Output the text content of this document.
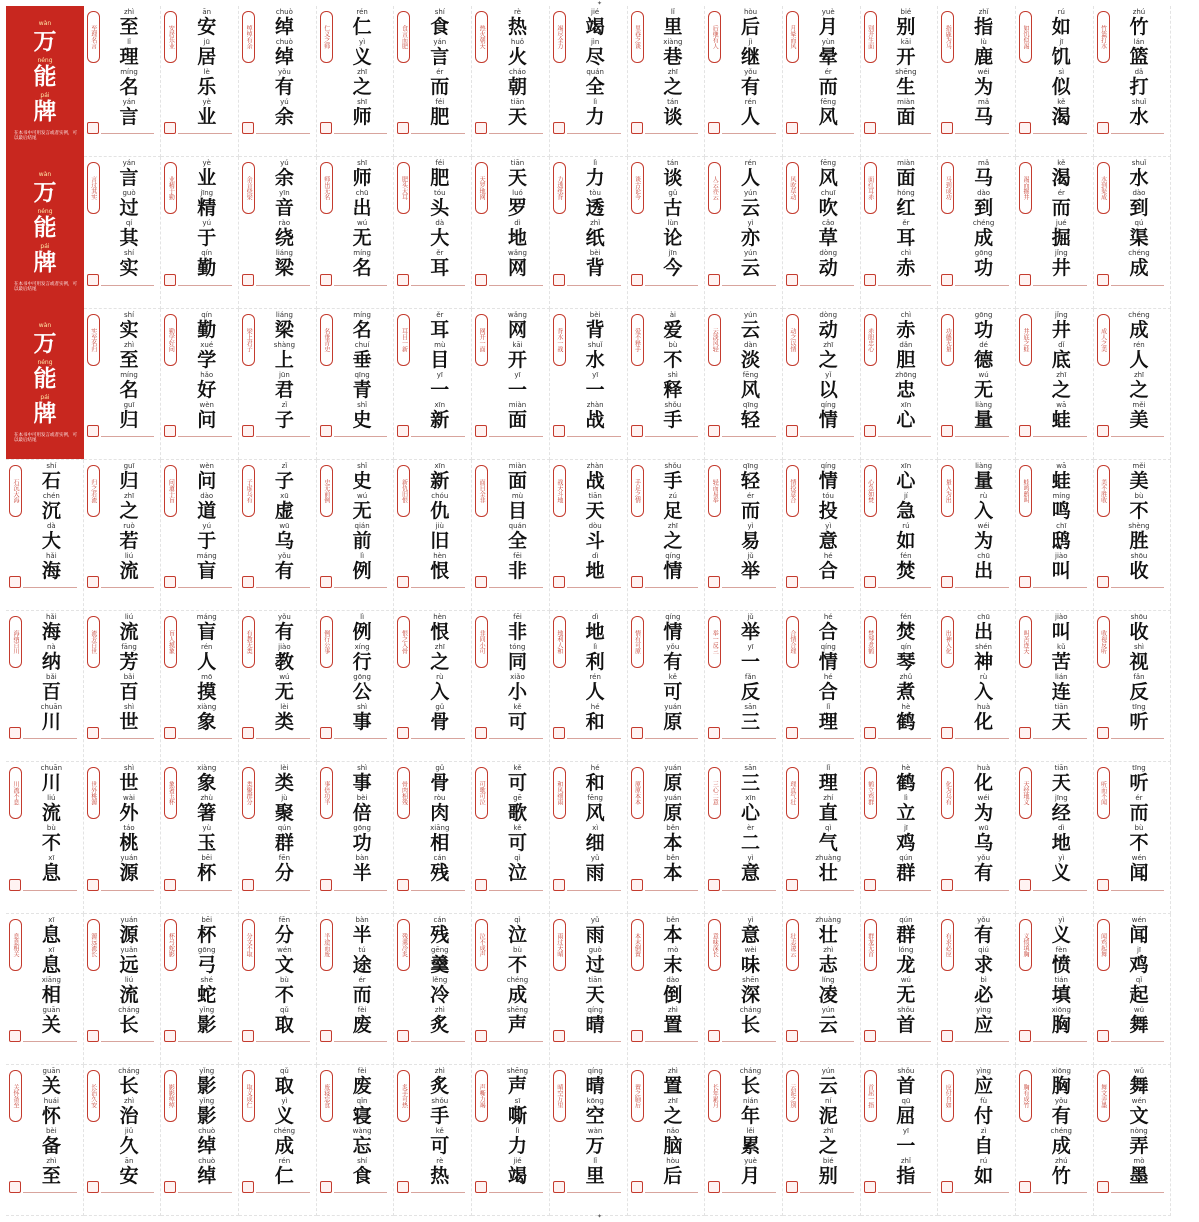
至理名言
zhì
至
lǐ
理
míng
名
yán
言
安居乐业
ān
安
jū
居
lè
乐
yè
业
绰绰有余
chuò
绰
chuò
绰
yǒu
有
yú
余
仁义之师
rén
仁
yì
义
zhī
之
shī
师
食言而肥
shí
食
yán
言
ér
而
féi
肥
热火朝天
rè
热
huǒ
火
cháo
朝
tiān
天
竭尽全力
jié
竭
jìn
尽
quán
全
lì
力
里巷之谈
lǐ
里
xiàng
巷
zhī
之
tán
谈
后继有人
hòu
后
jì
继
yǒu
有
rén
人
月晕而风
yuè
月
yùn
晕
ér
而
fēng
风
别开生面
bié
别
kāi
开
shēng
生
miàn
面
指鹿为马
zhǐ
指
lù
鹿
wéi
为
mǎ
马
如饥似渴
rú
如
jī
饥
sì
似
kě
渴
竹篮打水
zhú
竹
lán
篮
dǎ
打
shuǐ
水
言过其实
yán
言
guò
过
qí
其
shí
实
业精于勤
yè
业
jīng
精
yú
于
qín
勤
余音绕梁
yú
余
yīn
音
rào
绕
liáng
梁
师出无名
shī
师
chū
出
wú
无
míng
名
肥头大耳
féi
肥
tóu
头
dà
大
ěr
耳
天罗地网
tiān
天
luó
罗
dì
地
wǎng
网
力透纸背
lì
力
tòu
透
zhǐ
纸
bèi
背
谈古论今
tán
谈
gǔ
古
lùn
论
jīn
今
人云亦云
rén
人
yún
云
yì
亦
yún
云
风吹草动
fēng
风
chuī
吹
cǎo
草
dòng
动
面红耳赤
miàn
面
hóng
红
ěr
耳
chì
赤
马到成功
mǎ
马
dào
到
chéng
成
gōng
功
渴而掘井
kě
渴
ér
而
jué
掘
jǐng
井
水到渠成
shuǐ
水
dào
到
qú
渠
chéng
成
实至名归
shí
实
zhì
至
míng
名
guī
归
勤学好问
qín
勤
xué
学
hǎo
好
wèn
问
梁上君子
liáng
梁
shàng
上
jūn
君
zǐ
子
名垂青史
míng
名
chuí
垂
qīng
青
shǐ
史
耳目一新
ěr
耳
mù
目
yī
一
xīn
新
网开一面
wǎng
网
kāi
开
yī
一
miàn
面
背水一战
bèi
背
shuǐ
水
yī
一
zhàn
战
爱不释手
ài
爱
bù
不
shì
释
shǒu
手
云淡风轻
yún
云
dàn
淡
fēng
风
qīng
轻
动之以情
dòng
动
zhī
之
yǐ
以
qíng
情
赤胆忠心
chì
赤
dǎn
胆
zhōng
忠
xīn
心
功德无量
gōng
功
dé
德
wú
无
liàng
量
井底之蛙
jǐng
井
dǐ
底
zhī
之
wā
蛙
成人之美
chéng
成
rén
人
zhī
之
měi
美
石沉大海
shí
石
chén
沉
dà
大
hǎi
海
归之若流
guī
归
zhī
之
ruò
若
liú
流
问道于盲
wèn
问
dào
道
yú
于
máng
盲
子虚乌有
zǐ
子
xū
虚
wū
乌
yǒu
有
史无前例
shǐ
史
wú
无
qián
前
lì
例
新仇旧恨
xīn
新
chóu
仇
jiù
旧
hèn
恨
面目全非
miàn
面
mù
目
quán
全
fēi
非
战天斗地
zhàn
战
tiān
天
dòu
斗
dì
地
手足之情
shǒu
手
zú
足
zhī
之
qíng
情
轻而易举
qīng
轻
ér
而
yì
易
jǔ
举
情投意合
qíng
情
tóu
投
yì
意
hé
合
心急如焚
xīn
心
jí
急
rú
如
fén
焚
量入为出
liàng
量
rù
入
wéi
为
chū
出
蛙鸣鸱叫
wā
蛙
míng
鸣
chī
鸱
jiào
叫
美不胜收
měi
美
bù
不
shèng
胜
shōu
收
海纳百川
hǎi
海
nà
纳
bǎi
百
chuān
川
流芳百世
liú
流
fāng
芳
bǎi
百
shì
世
盲人摸象
máng
盲
rén
人
mō
摸
xiàng
象
有教无类
yǒu
有
jiào
教
wú
无
lèi
类
例行公事
lì
例
xíng
行
gōng
公
shì
事
恨之入骨
hèn
恨
zhī
之
rù
入
gǔ
骨
非同小可
fēi
非
tóng
同
xiǎo
小
kě
可
地利人和
dì
地
lì
利
rén
人
hé
和
情有可原
qíng
情
yǒu
有
kě
可
yuán
原
举一反三
jǔ
举
yī
一
fǎn
反
sān
三
合情合理
hé
合
qíng
情
hé
合
lǐ
理
焚琴煮鹤
fén
焚
qín
琴
zhǔ
煮
hè
鹤
出神入化
chū
出
shén
神
rù
入
huà
化
叫苦连天
jiào
叫
kǔ
苦
lián
连
tiān
天
收视反听
shōu
收
shì
视
fǎn
反
tīng
听
川流不息
chuān
川
liú
流
bù
不
xī
息
世外桃源
shì
世
wài
外
táo
桃
yuán
源
象箸玉杯
xiàng
象
zhù
箸
yù
玉
bēi
杯
类聚群分
lèi
类
jù
聚
qún
群
fēn
分
事倍功半
shì
事
bèi
倍
gōng
功
bàn
半
骨肉相残
gǔ
骨
ròu
肉
xiāng
相
cán
残
可歌可泣
kě
可
gē
歌
kě
可
qì
泣
和风细雨
hé
和
fēng
风
xì
细
yǔ
雨
原原本本
yuán
原
yuán
原
běn
本
běn
本
三心二意
sān
三
xīn
心
èr
二
yì
意
理直气壮
lǐ
理
zhí
直
qì
气
zhuàng
壮
鹤立鸡群
hè
鹤
lì
立
jī
鸡
qún
群
化为乌有
huà
化
wéi
为
wū
乌
yǒu
有
天经地义
tiān
天
jīng
经
dì
地
yì
义
听而不闻
tīng
听
ér
而
bù
不
wén
闻
息息相关
xī
息
xī
息
xiāng
相
guān
关
源远流长
yuán
源
yuǎn
远
liú
流
cháng
长
杯弓蛇影
bēi
杯
gōng
弓
shé
蛇
yǐng
影
分文不取
fēn
分
wén
文
bù
不
qǔ
取
半途而废
bàn
半
tú
途
ér
而
fèi
废
残羹冷炙
cán
残
gēng
羹
lěng
冷
zhì
炙
泣不成声
qì
泣
bù
不
chéng
成
shēng
声
雨过天晴
yǔ
雨
guò
过
tiān
天
qíng
晴
本末倒置
běn
本
mò
末
dào
倒
zhì
置
意味深长
yì
意
wèi
味
shēn
深
cháng
长
壮志凌云
zhuàng
壮
zhì
志
líng
凌
yún
云
群龙无首
qún
群
lóng
龙
wú
无
shǒu
首
有求必应
yǒu
有
qiú
求
bì
必
yìng
应
义愤填胸
yì
义
fèn
愤
tián
填
xiōng
胸
闻鸡起舞
wén
闻
jī
鸡
qǐ
起
wǔ
舞
关怀备至
guān
关
huái
怀
bèi
备
zhì
至
长治久安
cháng
长
zhì
治
jiǔ
久
ān
安
影影绰绰
yǐng
影
yǐng
影
chuò
绰
chuò
绰
取义成仁
qǔ
取
yì
义
chéng
成
rén
仁
废寝忘食
fèi
废
qǐn
寝
wàng
忘
shí
食
炙手可热
zhì
炙
shǒu
手
kě
可
rè
热
声嘶力竭
shēng
声
sī
嘶
lì
力
jié
竭
晴空万里
qíng
晴
kōng
空
wàn
万
lǐ
里
置之脑后
zhì
置
zhī
之
nǎo
脑
hòu
后
长年累月
cháng
长
nián
年
lěi
累
yuè
月
云泥之别
yún
云
ní
泥
zhī
之
bié
别
首屈一指
shǒu
首
qū
屈
yī
一
zhǐ
指
应付自如
yìng
应
fù
付
zì
自
rú
如
胸有成竹
xiōng
胸
yǒu
有
chéng
成
zhú
竹
舞文弄墨
wǔ
舞
wén
文
nòng
弄
mò
墨
wàn
万
néng
能
pái
牌
在本书中可用发言或者实例，可以最后结尾
wàn
万
néng
能
pái
牌
在本书中可用发言或者实例，可以最后结尾
wàn
万
néng
能
pái
牌
在本书中可用发言或者实例，可以最后结尾
✦
✦
